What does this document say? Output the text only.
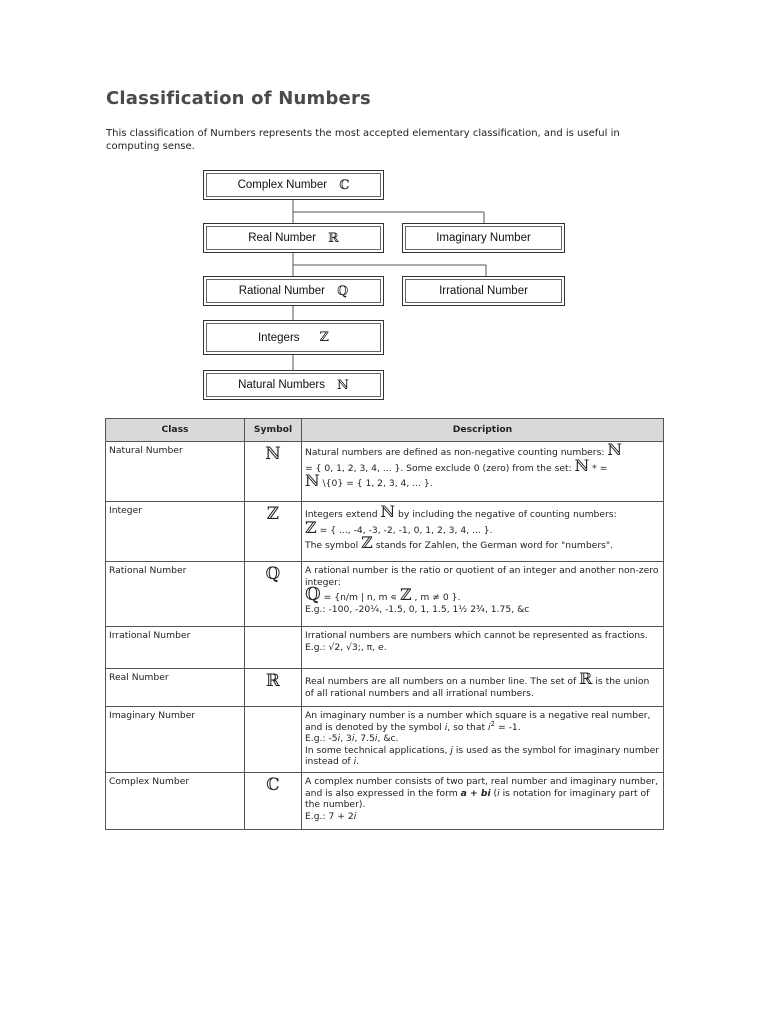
Classification of Numbers

This classification of Numbers represents the most accepted elementary classification, and is useful in computing sense.

Complex Number ℂ
Real Number ℝ	Imaginary Number
Rational Number ℚ	Irrational Number
Integers ℤ
Natural Numbers ℕ
Class	Symbol	Description
Natural Number	ℕ	Natural numbers are defined as non-negative counting numbers: ℕ
= { 0, 1, 2, 3, 4, ... }. Some exclude 0 (zero) from the set: ℕ * =
ℕ \{0} = { 1, 2, 3, 4, ... }.
Integer	ℤ	Integers extend ℕ by including the negative of counting numbers:
ℤ = { ..., -4, -3, -2, -1, 0, 1, 2, 3, 4, ... }.
The symbol ℤ stands for Zahlen, the German word for "numbers".
Rational Number	ℚ	A rational number is the ratio or quotient of an integer and another non-zero integer:
ℚ = {n/m | n, m ∊ ℤ , m ≠ 0 }.
E.g.: -100, -20¼, -1.5, 0, 1, 1.5, 1½ 2¾, 1.75, &c
Irrational Number		Irrational numbers are numbers which cannot be represented as fractions.
E.g.: √2, √3;, π, e.
Real Number	ℝ	Real numbers are all numbers on a number line. The set of ℝ is the union of all rational numbers and all irrational numbers.
Imaginary Number		An imaginary number is a number which square is a negative real number, and is denoted by the symbol i, so that $i^2 = -1$.
E.g.: -5i, 3i, 7.5i, &c.
In some technical applications, j is used as the symbol for imaginary number instead of i.
Complex Number	ℂ	A complex number consists of two part, real number and imaginary number, and is also expressed in the form a + bi (i is notation for imaginary part of the number).
E.g.: 7 + 2i
